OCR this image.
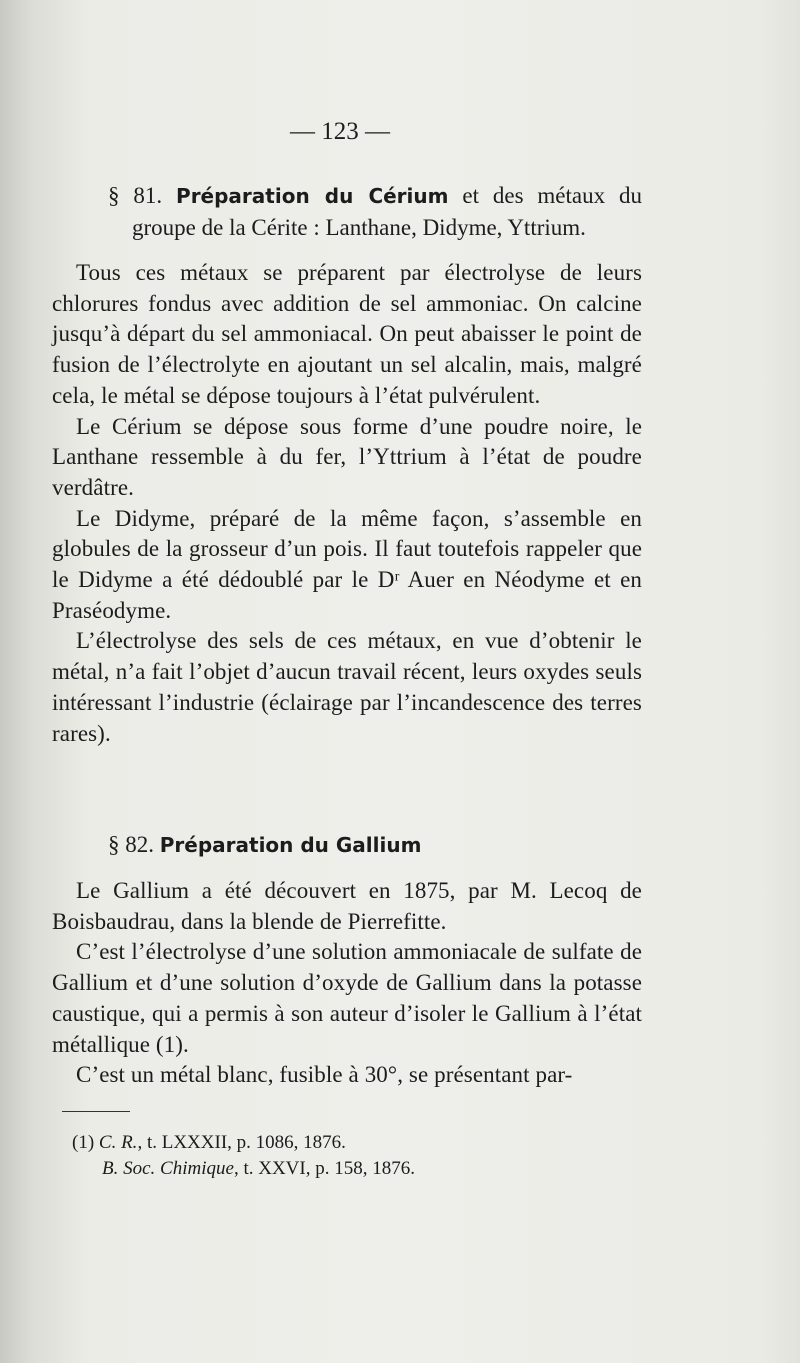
— 123 —
§ 81. Préparation du Cérium et des métaux du groupe de la Cérite : Lanthane, Didyme, Yttrium.

Tous ces métaux se préparent par électrolyse de leurs chlorures fondus avec addition de sel ammoniac. On calcine jusqu’à départ du sel ammoniacal. On peut abaisser le point de fusion de l’électrolyte en ajoutant un sel alcalin, mais, malgré cela, le métal se dépose toujours à l’état pulvérulent.

Le Cérium se dépose sous forme d’une poudre noire, le Lanthane ressemble à du fer, l’Yttrium à l’état de poudre verdâtre.

Le Didyme, préparé de la même façon, s’assemble en globules de la grosseur d’un pois. Il faut toutefois rappeler que le Didyme a été dédoublé par le Dʳ Auer en Néodyme et en Praséodyme.

L’électrolyse des sels de ces métaux, en vue d’obtenir le métal, n’a fait l’objet d’aucun travail récent, leurs oxydes seuls intéressant l’industrie (éclairage par l’incandescence des terres rares).

§ 82. Préparation du Gallium

Le Gallium a été découvert en 1875, par M. Lecoq de Boisbaudrau, dans la blende de Pierrefitte.

C’est l’électrolyse d’une solution ammoniacale de sulfate de Gallium et d’une solution d’oxyde de Gallium dans la potasse caustique, qui a permis à son auteur d’isoler le Gallium à l’état métallique (1).

C’est un métal blanc, fusible à 30°, se présentant par-

(1) C. R., t. LXXXII, p. 1086, 1876.
B. Soc. Chimique, t. XXVI, p. 158, 1876.
